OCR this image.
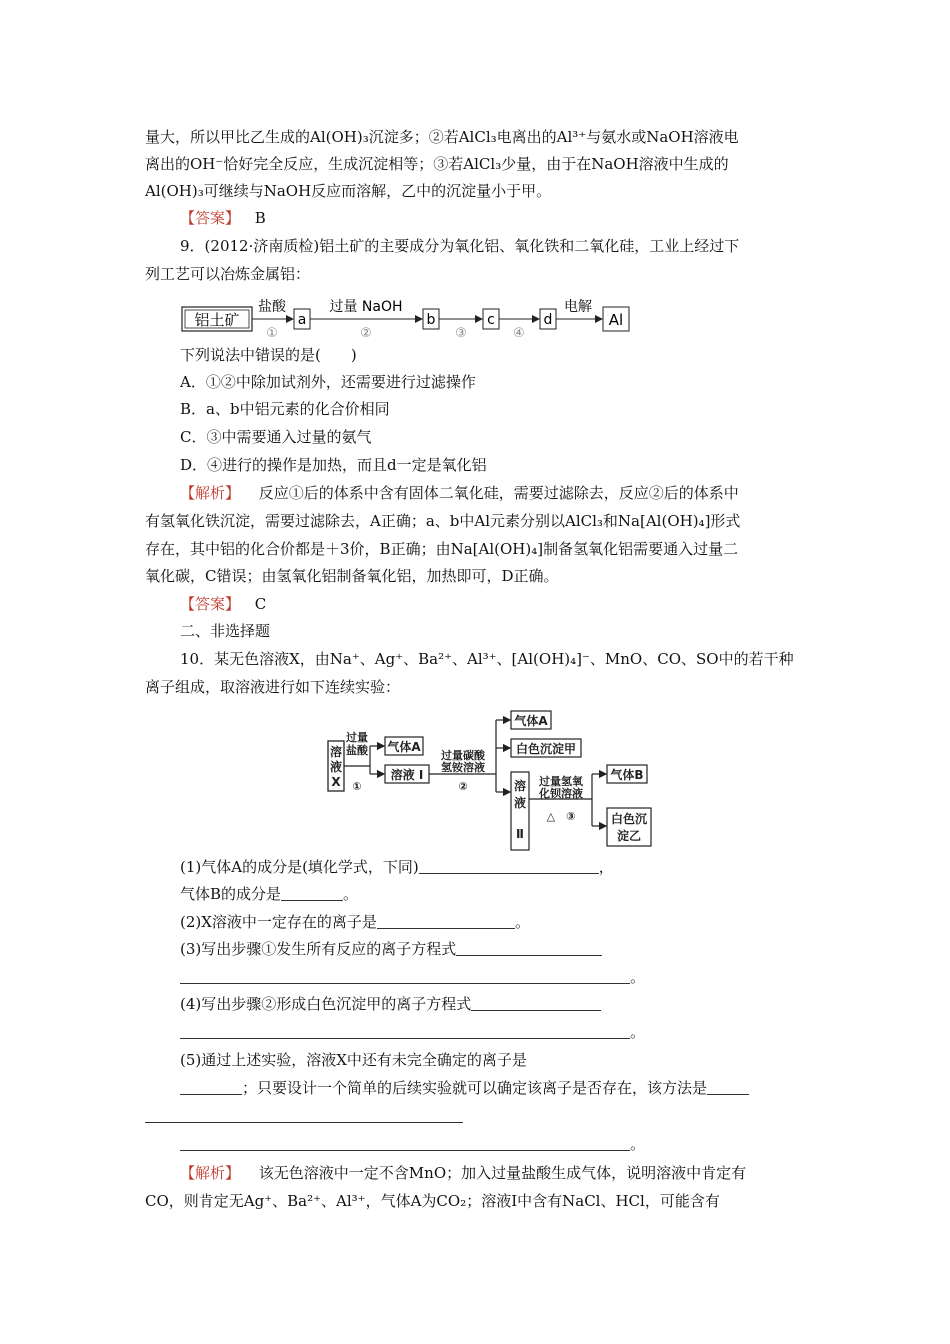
量大，所以甲比乙生成的Al(OH)₃沉淀多；②若AlCl₃电离出的Al³⁺与氨水或NaOH溶液电
离出的OH⁻恰好完全反应，生成沉淀相等；③若AlCl₃少量，由于在NaOH溶液中生成的
Al(OH)₃可继续与NaOH反应而溶解，乙中的沉淀量小于甲。
【答案】 B
9．(2012·济南质检)铝土矿的主要成分为氧化铝、氧化铁和二氧化硅，工业上经过下
列工艺可以冶炼金属铝：
铝土矿
盐酸
①
a
过量 NaOH
②
b
③
c
④
d
电解
Al
下列说法中错误的是(　　)
A．①②中除加试剂外，还需要进行过滤操作
B．a、b中铝元素的化合价相同
C．③中需要通入过量的氨气
D．④进行的操作是加热，而且d一定是氧化铝
【解析】 反应①后的体系中含有固体二氧化硅，需要过滤除去，反应②后的体系中
有氢氧化铁沉淀，需要过滤除去，A正确；a、b中Al元素分别以AlCl₃和Na[Al(OH)₄]形式
存在，其中铝的化合价都是＋3价，B正确；由Na[Al(OH)₄]制备氢氧化铝需要通入过量二
氧化碳，C错误；由氢氧化铝制备氧化铝，加热即可，D正确。
【答案】 C
二、非选择题
10．某无色溶液X，由Na⁺、Ag⁺、Ba²⁺、Al³⁺、[Al(OH)₄]⁻、MnO、CO、SO中的若干种
离子组成，取溶液进行如下连续实验：
溶
液
X
过量
盐酸
①
气体A
溶液 Ⅰ
过量碳酸
氢铵溶液
②
气体A
白色沉淀甲
溶
液
Ⅱ
过量氢氧
化钡溶液
△　③
气体B
白色沉
淀乙
(1)气体A的成分是(填化学式，下同)	，
气体B的成分是	。
(2)X溶液中一定存在的离子是	。
(3)写出步骤①发生所有反应的离子方程式
。
(4)写出步骤②形成白色沉淀甲的离子方程式
。
(5)通过上述实验，溶液X中还有未完全确定的离子是
；只要设计一个简单的后续实验就可以确定该离子是否存在，该方法是
。
【解析】 该无色溶液中一定不含MnO；加入过量盐酸生成气体，说明溶液中肯定有
CO，则肯定无Ag⁺、Ba²⁺、Al³⁺，气体A为CO₂；溶液Ⅰ中含有NaCl、HCl，可能含有
